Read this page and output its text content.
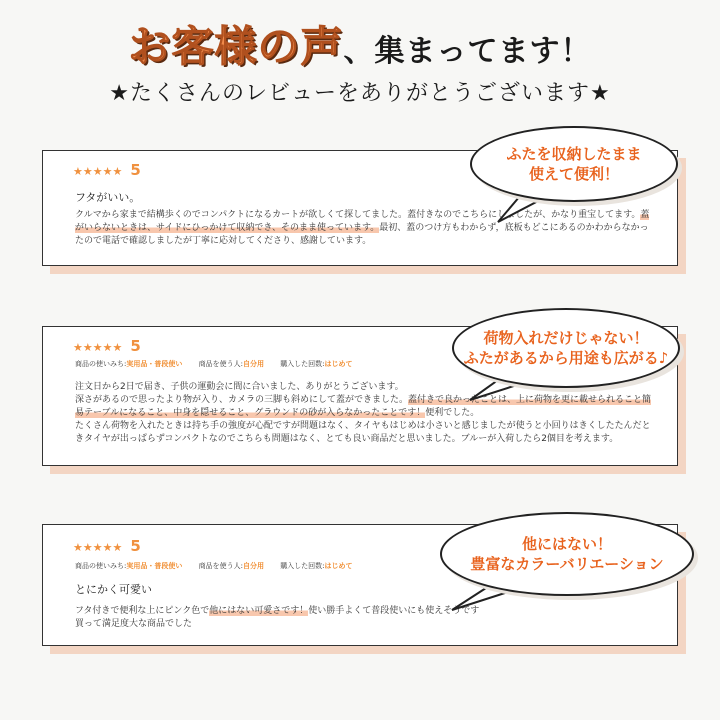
お客様の声、集まってます！
★たくさんのレビューをありがとうございます★
★★★★★ 5
フタがいい。
クルマから家まで結構歩くのでコンパクトになるカートが欲しくて探してました。蓋付きなのでこちらにしましたが、かなり重宝してます。蓋がいらないときは、サイドにひっかけて収納でき、そのまま使っています。最初、蓋のつけ方もわからず，底板もどこにあるのかわからなかったので電話で確認しましたが丁寧に応対してくださり、感謝しています。
★★★★★ 5
商品の使いみち:実用品・普段使い 商品を使う人:自分用 購入した回数:はじめて
注文日から2日で届き、子供の運動会に間に合いました、ありがとうございます。
深さがあるので思ったより物が入り、カメラの三脚も斜めにして蓋ができました。蓋付きで良かったことは、上に荷物を更に載せられること簡易テーブルになること、中身を隠せること、グラウンドの砂が入らなかったことです！便利でした。
たくさん荷物を入れたときは持ち手の強度が心配ですが問題はなく、タイヤもはじめは小さいと感じましたが使うと小回りはきくしたたんだときタイヤが出っぱらずコンパクトなのでこちらも問題はなく、とても良い商品だと思いました。ブルーが入荷したら2個目を考えます。
★★★★★ 5
商品の使いみち:実用品・普段使い 商品を使う人:自分用 購入した回数:はじめて
とにかく可愛い
フタ付きで便利な上にピンク色で他にはない可愛さです！使い勝手よくて普段使いにも使えそうです
買って満足度大な商品でした
ふたを収納したまま
使えて便利！
荷物入れだけじゃない！
ふたがあるから用途も広がる♪
他にはない！
豊富なカラーバリエーション
